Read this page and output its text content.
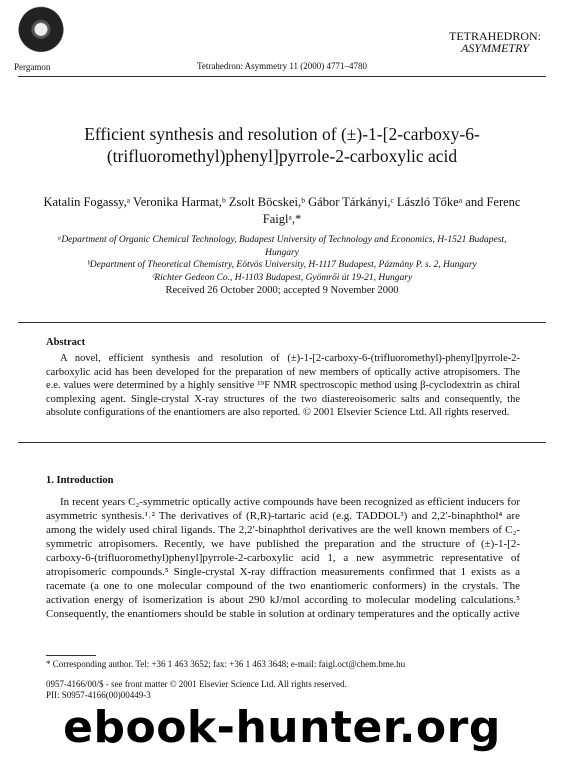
Pergamon	Tetrahedron: Asymmetry 11 (2000) 4771–4780
TETRAHEDRON:
ASYMMETRY
Efficient synthesis and resolution of (±)-1-[2-carboxy-6-(trifluoromethyl)phenyl]pyrrole-2-carboxylic acid
Katalin Fogassy,ᵃ Veronika Harmat,ᵇ Zsolt Böcskei,ᵇ Gábor Tárkányi,ᶜ László Tőkeᵃ and Ferenc Faiglᵃ,*
ᵃDepartment of Organic Chemical Technology, Budapest University of Technology and Economics, H-1521 Budapest, Hungary
ᵇDepartment of Theoretical Chemistry, Eötvös University, H-1117 Budapest, Pázmány P. s. 2, Hungary
ᶜRichter Gedeon Co., H-1103 Budapest, Gyömrői út 19-21, Hungary
Received 26 October 2000; accepted 9 November 2000
Abstract

A novel, efficient synthesis and resolution of (±)-1-[2-carboxy-6-(trifluoromethyl)-phenyl]pyrrole-2-carboxylic acid has been developed for the preparation of new members of optically active atropisomers. The e.e. values were determined by a highly sensitive ¹⁹F NMR spectroscopic method using β-cyclodextrin as chiral complexing agent. Single-crystal X-ray structures of the two diastereoisomeric salts and consequently, the absolute configurations of the enantiomers are also reported. © 2001 Elsevier Science Ltd. All rights reserved.

1. Introduction

In recent years C₂-symmetric optically active compounds have been recognized as efficient inducers for asymmetric synthesis.¹˒² The derivatives of (R,R)-tartaric acid (e.g. TADDOL³) and 2,2′-binaphthol⁴ are among the widely used chiral ligands. The 2,2′-binaphthol derivatives are the well known members of C₂-symmetric atropisomers. Recently, we have published the preparation and the structure of (±)-1-[2-carboxy-6-(trifluoromethyl)phenyl]pyrrole-2-carboxylic acid 1, a new asymmetric representative of atropisomeric compounds.⁵ Single-crystal X-ray diffraction measurements confirmed that 1 exists as a racemate (a one to one molecular compound of the two enantiomeric conformers) in the crystals. The activation energy of isomerization is about 290 kJ/mol according to molecular modeling calculations.⁵ Consequently, the enantiomers should be stable in solution at ordinary temperatures and the optically active

* Corresponding author. Tel: +36 1 463 3652; fax: +36 1 463 3648; e-mail: faigl.oct@chem.bme.hu
0957-4166/00/$ - see front matter © 2001 Elsevier Science Ltd. All rights reserved.
PII: S0957-4166(00)00449-3
ebook-hunter.org
